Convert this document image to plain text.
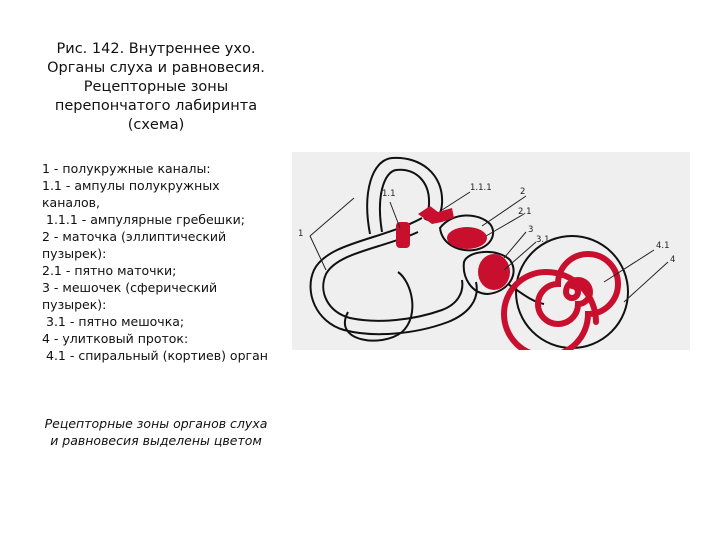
Рис. 142. Внутреннее ухо. Органы слуха и равновесия. Рецепторные зоны перепончатого лабиринта (схема)
1 - полукружные каналы:
1.1 - ампулы полукружных каналов,
1.1.1 - ампулярные гребешки;
2 - маточка (эллиптический пузырек):
2.1 - пятно маточки;
3 - мешочек (сферический пузырек):
3.1 - пятно мешочка;
4 - улитковый проток:
4.1 - спиральный (кортиев) орган
Рецепторные зоны органов слуха и равновесия выделены цветом
1
1.1
1.1.1	2
2.1
3
3.1
4.1
4
